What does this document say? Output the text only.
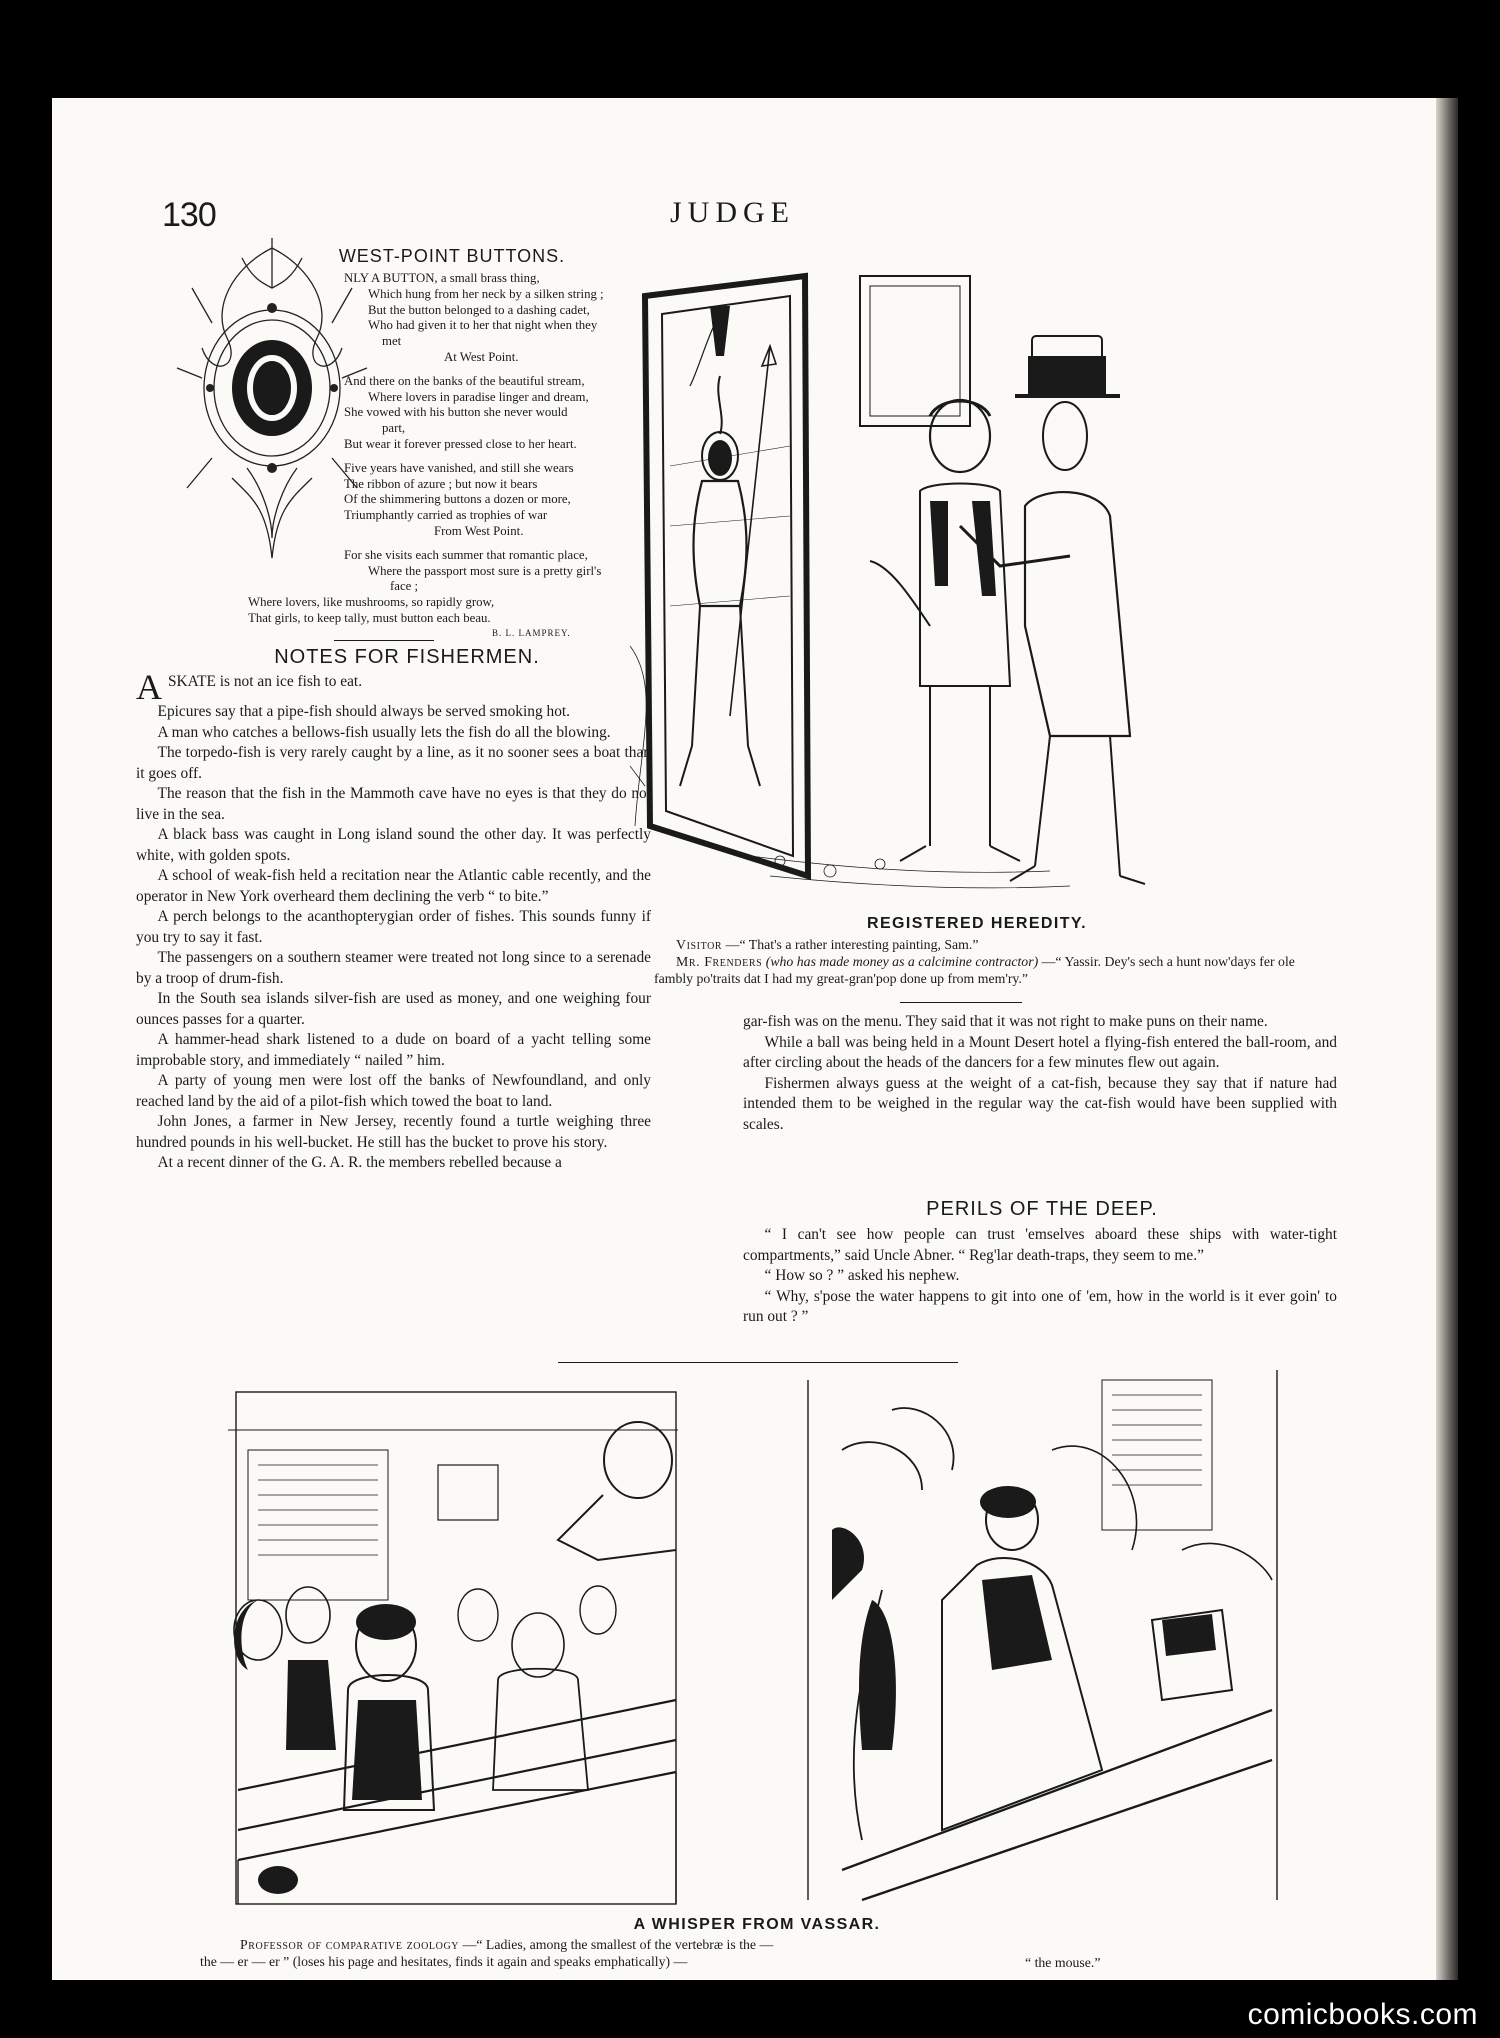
130	JUDGE
WEST-POINT BUTTONS.

NLY A BUTTON, a small brass thing,

Which hung from her neck by a silken string ;

But the button belonged to a dashing cadet,

Who had given it to her that night when they

met

At West Point.

And there on the banks of the beautiful stream,

Where lovers in paradise linger and dream,

She vowed with his button she never would

part,

But wear it forever pressed close to her heart.

Five years have vanished, and still she wears

The ribbon of azure ; but now it bears

Of the shimmering buttons a dozen or more,

Triumphantly carried as trophies of war

From West Point.

For she visits each summer that romantic place,

Where the passport most sure is a pretty girl's

face ;

Where lovers, like mushrooms, so rapidly grow,

That girls, to keep tally, must button each beau.

B. L. LAMPREY.
NOTES FOR FISHERMEN.
ASKATE is not an ice fish to eat.

Epicures say that a pipe-fish should always be served smoking hot.

A man who catches a bellows-fish usually lets the fish do all the blowing.

The torpedo-fish is very rarely caught by a line, as it no sooner sees a boat than it goes off.

The reason that the fish in the Mammoth cave have no eyes is that they do not live in the sea.

A black bass was caught in Long island sound the other day. It was perfectly white, with golden spots.

A school of weak-fish held a recitation near the Atlantic cable recently, and the operator in New York overheard them declining the verb “ to bite.”

A perch belongs to the acanthopterygian order of fishes. This sounds funny if you try to say it fast.

The passengers on a southern steamer were treated not long since to a serenade by a troop of drum-fish.

In the South sea islands silver-fish are used as money, and one weighing four ounces passes for a quarter.

A hammer-head shark listened to a dude on board of a yacht telling some improbable story, and immediately “ nailed ” him.

A party of young men were lost off the banks of Newfoundland, and only reached land by the aid of a pilot-fish which towed the boat to land.

John Jones, a farmer in New Jersey, recently found a turtle weighing three hundred pounds in his well-bucket. He still has the bucket to prove his story.

At a recent dinner of the G. A. R. the members rebelled because a

REGISTERED HEREDITY.

Visitor —“ That's a rather interesting painting, Sam.”

Mr. Frenders (who has made money as a calcimine contractor) —“ Yassir. Dey's sech a hunt now'days fer ole fambly po'traits dat I had my great-gran'pop done up from mem'ry.”

gar-fish was on the menu. They said that it was not right to make puns on their name.

While a ball was being held in a Mount Desert hotel a flying-fish entered the ball-room, and after circling about the heads of the dancers for a few minutes flew out again.

Fishermen always guess at the weight of a cat-fish, because they say that if nature had intended them to be weighed in the regular way the cat-fish would have been supplied with scales.

PERILS OF THE DEEP.

“ I can't see how people can trust 'emselves aboard these ships with water-tight compartments,” said Uncle Abner. “ Reg'lar death-traps, they seem to me.”

“ How so ? ” asked his nephew.

“ Why, s'pose the water happens to git into one of 'em, how in the world is it ever goin' to run out ? ”

A WHISPER FROM VASSAR.

Professor of comparative zoology —“ Ladies, among the smallest of the vertebræ is the — the — er — er ” (loses his page and hesitates, finds it again and speaks emphatically) —	“ the mouse.”
comicbooks.com
